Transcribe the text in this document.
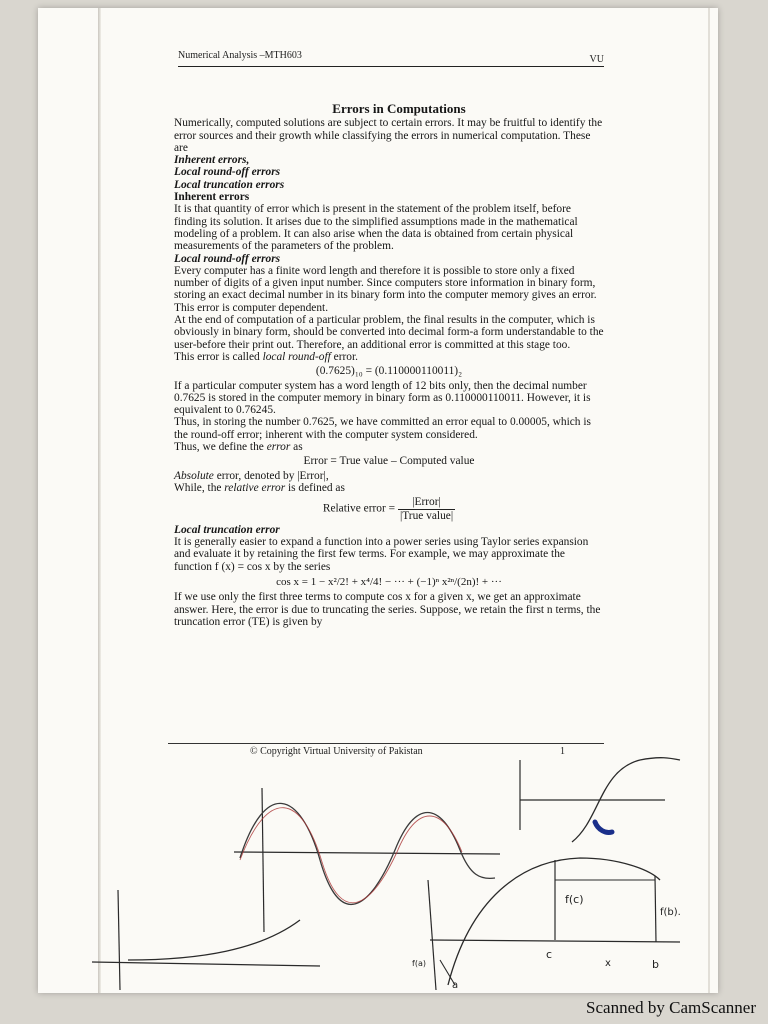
Numerical Analysis –MTH603	VU

Errors in Computations

Numerically, computed solutions are subject to certain errors. It may be fruitful to identify the error sources and their growth while classifying the errors in numerical computation. These are

Inherent errors,

Local round-off errors

Local truncation errors

Inherent errors

It is that quantity of error which is present in the statement of the problem itself, before finding its solution. It arises due to the simplified assumptions made in the mathematical modeling of a problem. It can also arise when the data is obtained from certain physical measurements of the parameters of the problem.

Local round-off errors

Every computer has a finite word length and therefore it is possible to store only a fixed number of digits of a given input number. Since computers store information in binary form, storing an exact decimal number in its binary form into the computer memory gives an error. This error is computer dependent.

At the end of computation of a particular problem, the final results in the computer, which is obviously in binary form, should be converted into decimal form-a form understandable to the user-before their print out. Therefore, an additional error is committed at this stage too.

This error is called local round-off error.

(0.7625)₁₀ = (0.110000110011)₂

If a particular computer system has a word length of 12 bits only, then the decimal number 0.7625 is stored in the computer memory in binary form as 0.110000110011. However, it is equivalent to 0.76245.

Thus, in storing the number 0.7625, we have committed an error equal to 0.00005, which is the round-off error; inherent with the computer system considered.

Thus, we define the error as

Error = True value – Computed value

Absolute error, denoted by |Error|,

While, the relative error is defined as

Relative error = $\frac{\text{|Error|}}{\text{|True value|}}$

Local truncation error

It is generally easier to expand a function into a power series using Taylor series expansion and evaluate it by retaining the first few terms. For example, we may approximate the function f (x) = cos x by the series

cos x = 1 − x²/2! + x⁴/4! − ··· + (−1)ⁿ x²ⁿ/(2n)! + ···

If we use only the first three terms to compute cos x for a given x, we get an approximate answer. Here, the error is due to truncating the series. Suppose, we retain the first n terms, the truncation error (TE) is given by

© Copyright Virtual University of Pakistan	1
f(c)
f(b).
c
b
a
x
f(a)
Scanned by CamScanner
